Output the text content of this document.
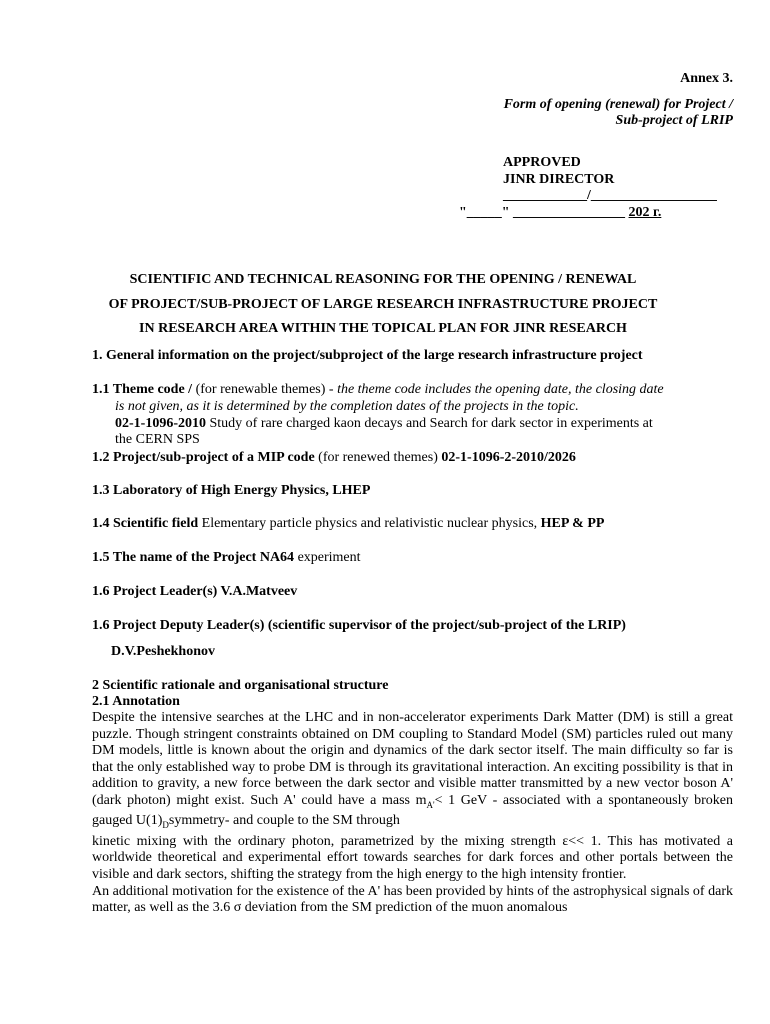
Annex 3.
Form of opening (renewal) for Project /
Sub-project of LRIP
APPROVED
JINR DIRECTOR
____________/__________________
"_____" ________________ 202 г.
SCIENTIFIC AND TECHNICAL REASONING FOR THE OPENING / RENEWAL
OF PROJECT/SUB-PROJECT OF LARGE RESEARCH INFRASTRUCTURE PROJECT
IN RESEARCH AREA WITHIN THE TOPICAL PLAN FOR JINR RESEARCH
1. General information on the project/subproject of the large research infrastructure project
1.1 Theme code / (for renewable themes) - the theme code includes the opening date, the closing date
is not given, as it is determined by the completion dates of the projects in the topic.
02-1-1096-2010 Study of rare charged kaon decays and Search for dark sector in experiments at
the CERN SPS
1.2 Project/sub-project of a MIP code (for renewed themes) 02-1-1096-2-2010/2026
1.3 Laboratory of High Energy Physics, LHEP
1.4 Scientific field Elementary particle physics and relativistic nuclear physics, HEP & PP
1.5 The name of the Project NA64 experiment
1.6 Project Leader(s) V.A.Matveev
1.6 Project Deputy Leader(s) (scientific supervisor of the project/sub-project of the LRIP)
D.V.Peshekhonov
2 Scientific rationale and organisational structure
2.1 Annotation

Despite the intensive searches at the LHC and in non-accelerator experiments Dark Matter (DM) is still a great puzzle. Though stringent constraints obtained on DM coupling to Standard Model (SM) particles ruled out many DM models, little is known about the origin and dynamics of the dark sector itself. The main difficulty so far is that the only established way to probe DM is through its gravitational interaction. An exciting possibility is that in addition to gravity, a new force between the dark sector and visible matter transmitted by a new vector boson A' (dark photon) might exist. Such A' could have a mass $m_{A'}< 1$ GeV - associated with a spontaneously broken gauged $U(1)_Dsymmetry-$ and couple to the SM through

kinetic mixing with the ordinary photon, parametrized by the mixing strength ε<< 1. This has motivated a worldwide theoretical and experimental effort towards searches for dark forces and other portals between the visible and dark sectors, shifting the strategy from the high energy to the high intensity frontier.

An additional motivation for the existence of the A' has been provided by hints of the astrophysical signals of dark matter, as well as the 3.6 σ deviation from the SM prediction of the muon anomalous
